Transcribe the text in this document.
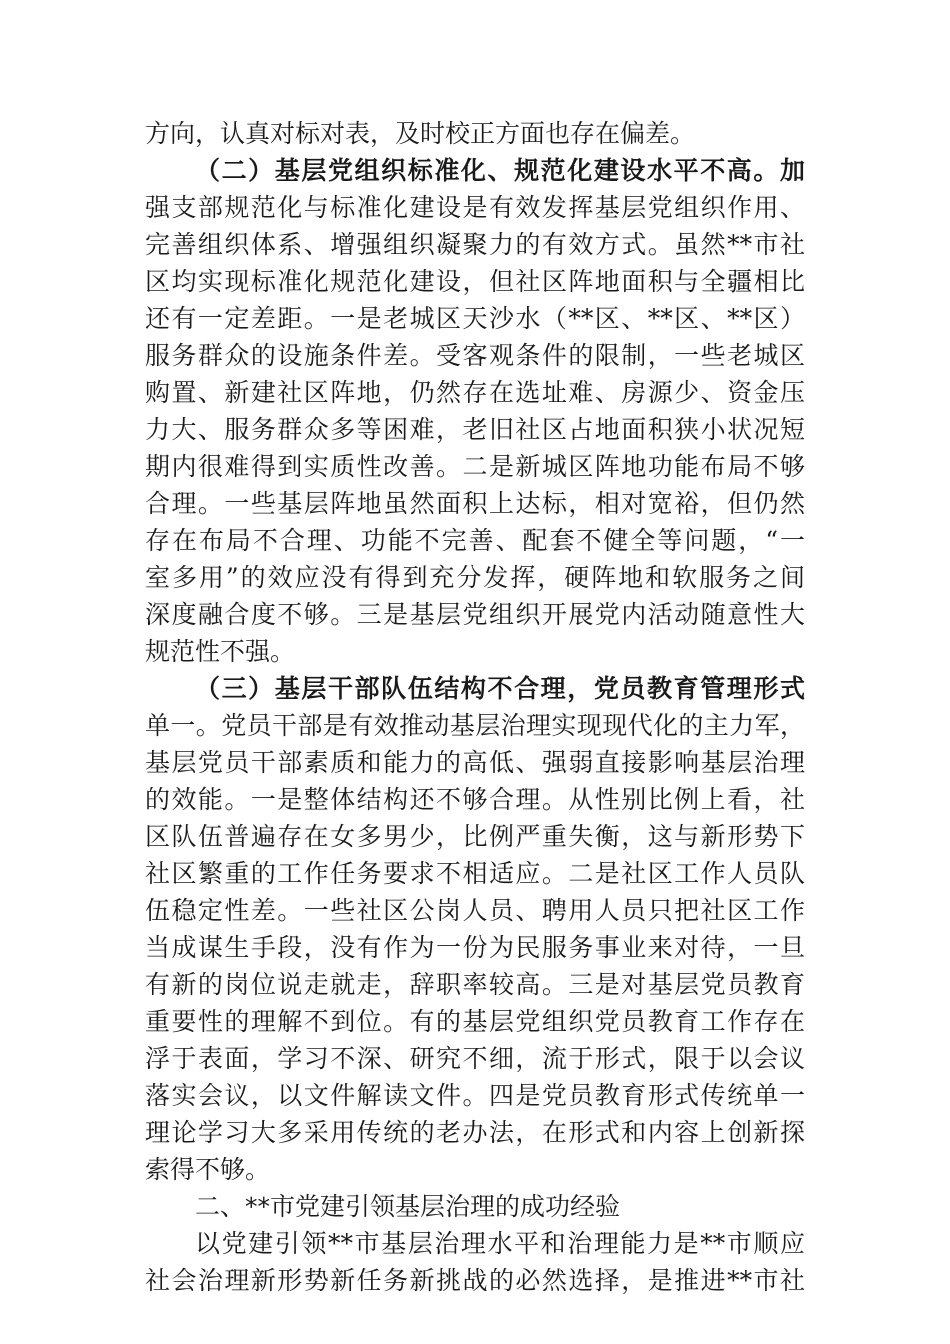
方向，认真对标对表，及时校正方面也存在偏差。
（二）基层党组织标准化、规范化建设水平不高。加
强支部规范化与标准化建设是有效发挥基层党组织作用、
完善组织体系、增强组织凝聚力的有效方式。虽然**市社
区均实现标准化规范化建设，但社区阵地面积与全疆相比
还有一定差距。一是老城区天沙水（**区、**区、**区）
服务群众的设施条件差。受客观条件的限制，一些老城区
购置、新建社区阵地，仍然存在选址难、房源少、资金压
力大、服务群众多等困难，老旧社区占地面积狭小状况短
期内很难得到实质性改善。二是新城区阵地功能布局不够
合理。一些基层阵地虽然面积上达标，相对宽裕，但仍然
存在布局不合理、功能不完善、配套不健全等问题，“一
室多用”的效应没有得到充分发挥，硬阵地和软服务之间
深度融合度不够。三是基层党组织开展党内活动随意性大
规范性不强。
（三）基层干部队伍结构不合理，党员教育管理形式
单一。党员干部是有效推动基层治理实现现代化的主力军，
基层党员干部素质和能力的高低、强弱直接影响基层治理
的效能。一是整体结构还不够合理。从性别比例上看，社
区队伍普遍存在女多男少，比例严重失衡，这与新形势下
社区繁重的工作任务要求不相适应。二是社区工作人员队
伍稳定性差。一些社区公岗人员、聘用人员只把社区工作
当成谋生手段，没有作为一份为民服务事业来对待，一旦
有新的岗位说走就走，辞职率较高。三是对基层党员教育
重要性的理解不到位。有的基层党组织党员教育工作存在
浮于表面，学习不深、研究不细，流于形式，限于以会议
落实会议，以文件解读文件。四是党员教育形式传统单一
理论学习大多采用传统的老办法，在形式和内容上创新探
索得不够。
二、**市党建引领基层治理的成功经验
以党建引领**市基层治理水平和治理能力是**市顺应
社会治理新形势新任务新挑战的必然选择，是推进**市社
